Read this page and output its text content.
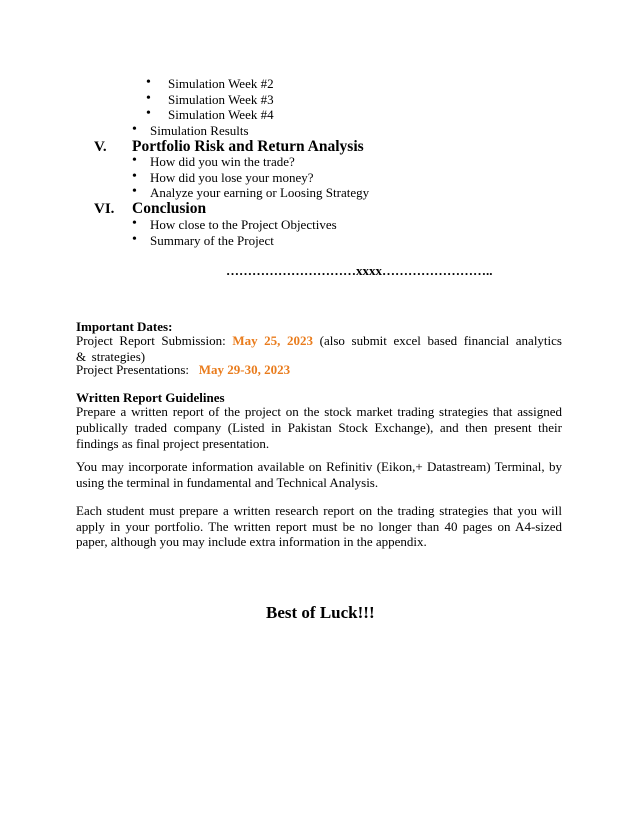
• Simulation Week #2
• Simulation Week #3
• Simulation Week #4
• Simulation Results
V. Portfolio Risk and Return Analysis
• How did you win the trade?
• How did you lose your money?
• Analyze your earning or Loosing Strategy
VI. Conclusion
• How close to the Project Objectives
• Summary of the Project
…………………………xxxx……………………..
Important Dates:
Project Report Submission: May 25, 2023 (also submit excel based financial analytics & strategies)
Project Presentations: May 29-30, 2023
Written Report Guidelines
Prepare a written report of the project on the stock market trading strategies that assigned publically traded company (Listed in Pakistan Stock Exchange), and then present their findings as final project presentation.
You may incorporate information available on Refinitiv (Eikon,+ Datastream) Terminal, by using the terminal in fundamental and Technical Analysis.
Each student must prepare a written research report on the trading strategies that you will apply in your portfolio. The written report must be no longer than 40 pages on A4-sized paper, although you may include extra information in the appendix.
Best of Luck!!!
